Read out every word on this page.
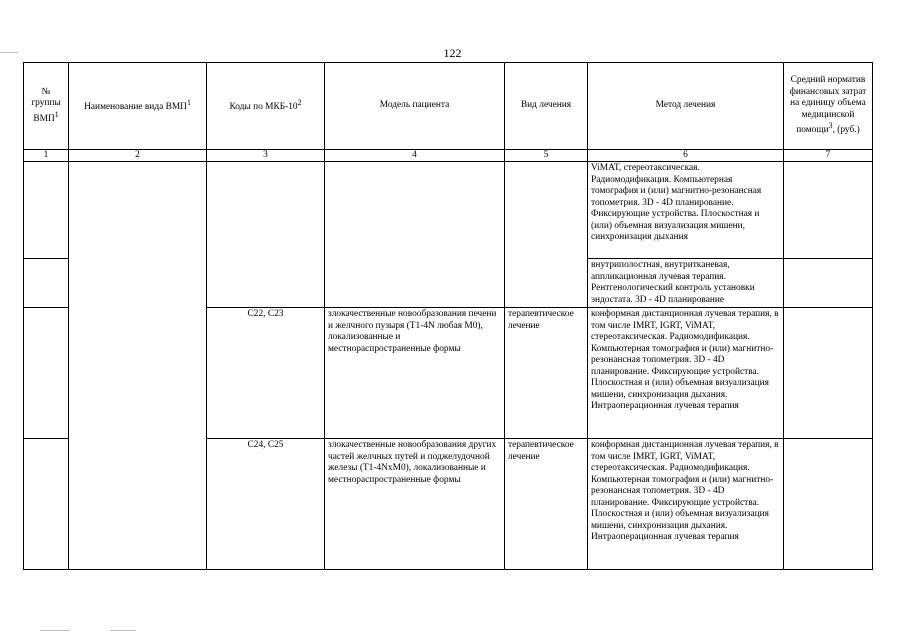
122
№ группы ВМП$^1$	Наименование вида ВМП$^1$	Коды по МКБ-$10^2$	Модель пациента	Вид лечения	Метод лечения	Средний норматив финансовых затрат на единицу объема медицинской помощи$^3$, (руб.)
1	2	3	4	5	6	7
					ViMAT, стереотаксическая. Радиомодификация. Компьютерная томография и (или) магнитно-резонансная топометрия. 3D - 4D планирование. Фиксирующие устройства. Плоскостная и (или) объемная визуализация мишени, синхронизация дыхания	
					внутриполостная, внутритканевая, аппликационная лучевая терапия. Рентгенологический контроль установки эндостата. 3D - 4D планирование	
		C22, C23	злокачественные новообразования печени и желчного пузыря (T1-4N любая M0), локализованные и местнораспространенные формы	терапевтическое лечение	конформная дистанционная лучевая терапия, в том числе IMRT, IGRT, ViMAT, стереотаксическая. Радиомодификация. Компьютерная томография и (или) магнитно-резонансная топометрия. 3D - 4D планирование. Фиксирующие устройства. Плоскостная и (или) объемная визуализация мишени, синхронизация дыхания. Интраоперационная лучевая терапия	
		C24, C25	злокачественные новообразования других частей желчных путей и поджелудочной железы (T1-4NxM0), локализованные и местнораспространенные формы	терапевтическое лечение	конформная дистанционная лучевая терапия, в том числе IMRT, IGRT, ViMAT, стереотаксическая. Радиомодификация. Компьютерная томография и (или) магнитно-резонансная топометрия. 3D - 4D планирование. Фиксирующие устройства. Плоскостная и (или) объемная визуализация мишени, синхронизация дыхания. Интраоперационная лучевая терапия	
